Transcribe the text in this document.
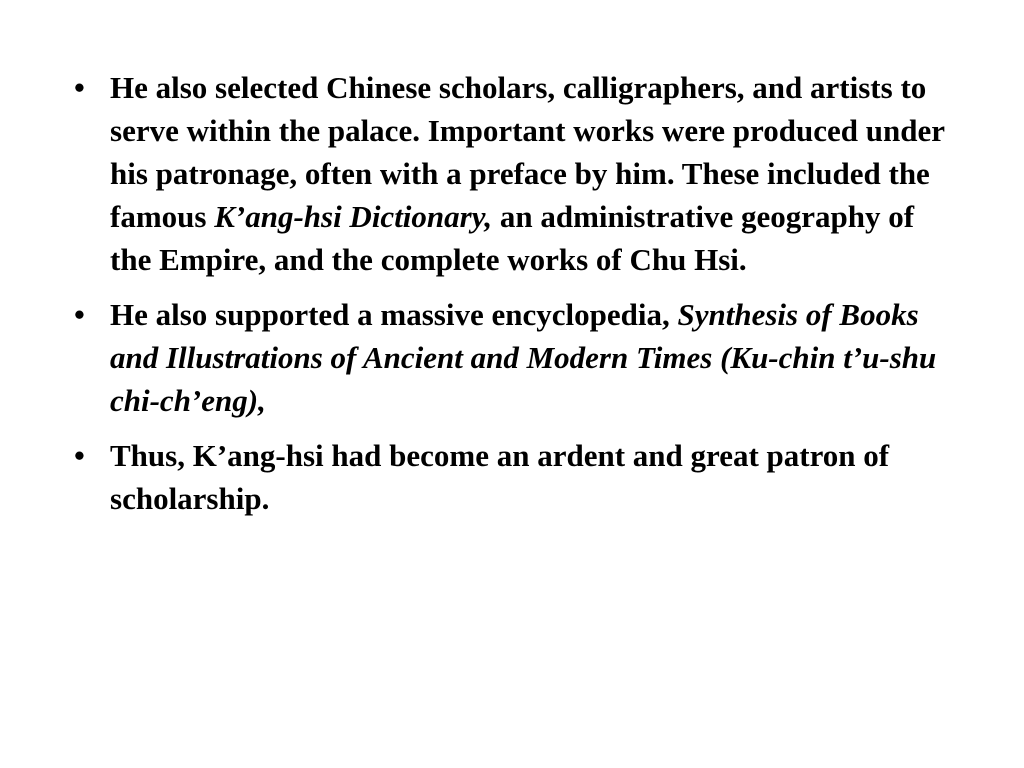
• He also selected Chinese scholars, calligraphers, and artists to serve within the palace. Important works were produced under his patronage, often with a preface by him. These included the famous K’ang-hsi Dictionary, an administrative geography of the Empire, and the complete works of Chu Hsi.
• He also supported a massive encyclopedia, Synthesis of Books and Illustrations of Ancient and Modern Times (Ku-chin t’u-shu chi-ch’eng),
• Thus, K’ang-hsi had become an ardent and great patron of scholarship.
